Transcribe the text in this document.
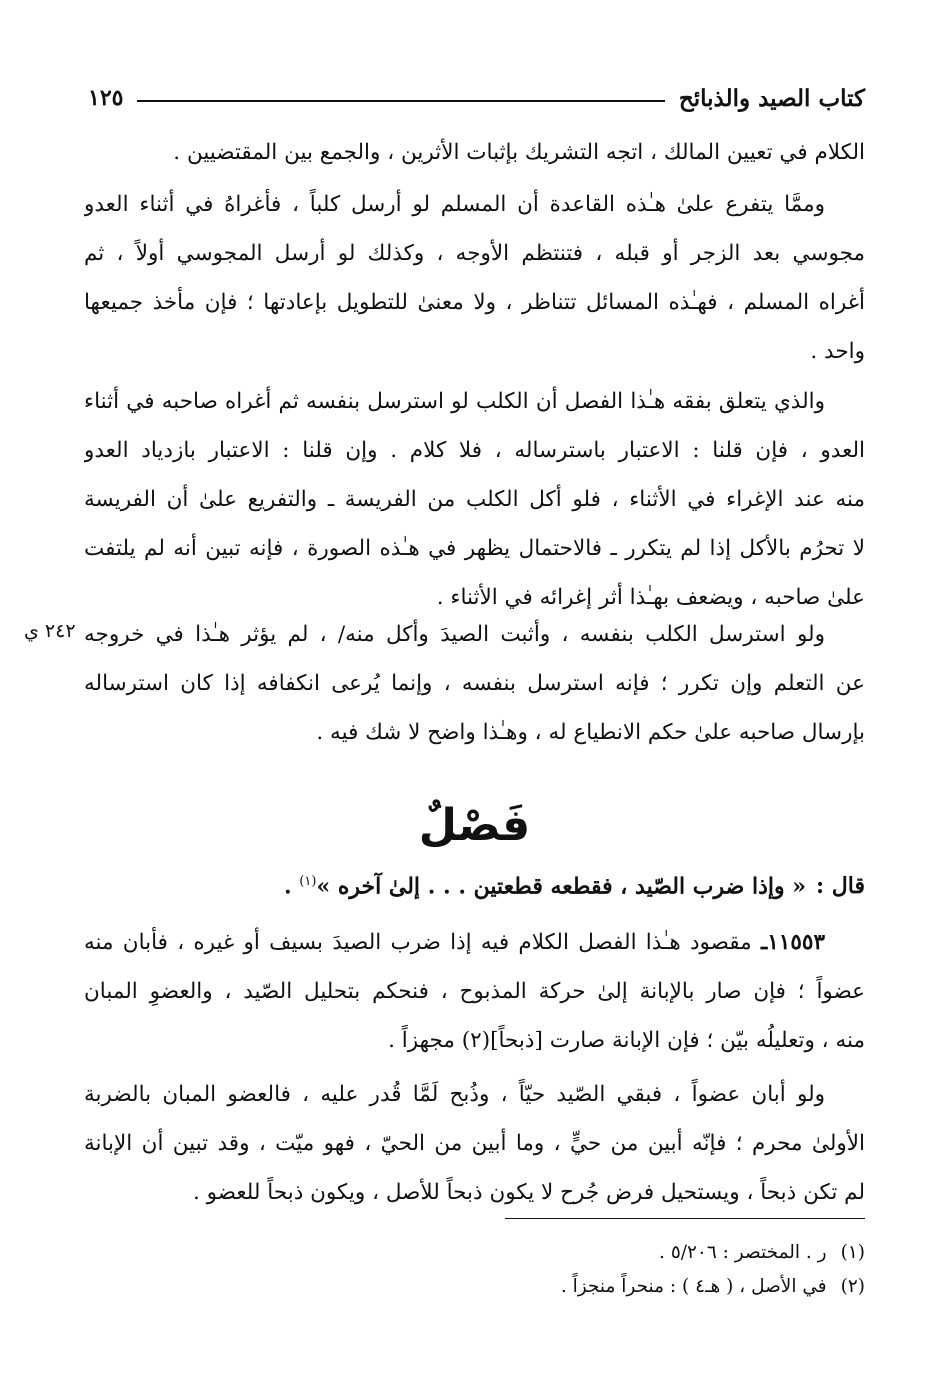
كتاب الصيد والذبائح
١٢٥
الكلام في تعيين المالك ، اتجه التشريك بإثبات الأثرين ، والجمع بين المقتضيين .
وممَّا يتفرع علىٰ هـٰذه القاعدة أن المسلم لو أرسل كلباً ، فأغراهُ في أثناء العدو
مجوسي بعد الزجر أو قبله ، فتنتظم الأوجه ، وكذلك لو أرسل المجوسي أولاً ، ثم
أغراه المسلم ، فهـٰذه المسائل تتناظر ، ولا معنىٰ للتطويل بإعادتها ؛ فإن مأخذ جميعها
واحد .
والذي يتعلق بفقه هـٰذا الفصل أن الكلب لو استرسل بنفسه ثم أغراه صاحبه في أثناء
العدو ، فإن قلنا : الاعتبار باسترساله ، فلا كلام . وإن قلنا : الاعتبار بازدياد العدو
منه عند الإغراء في الأثناء ، فلو أكل الكلب من الفريسة ـ والتفريع علىٰ أن الفريسة
لا تحرُم بالأكل إذا لم يتكرر ـ فالاحتمال يظهر في هـٰذه الصورة ، فإنه تبين أنه لم يلتفت
علىٰ صاحبه ، ويضعف بهـٰذا أثر إغرائه في الأثناء .
٢٤٢ ي ولو استرسل الكلب بنفسه ، وأثبت الصيدَ وأكل منه/ ، لم يؤثر هـٰذا في خروجه
عن التعلم وإن تكرر ؛ فإنه استرسل بنفسه ، وإنما يُرعى انكفافه إذا كان استرساله
بإرسال صاحبه علىٰ حكم الانطياع له ، وهـٰذا واضح لا شك فيه .
فَصْلٌ
قال :« وإذا ضرب الصّيد ، فقطعه قطعتين . . . إلىٰ آخره »$^{(١)}$ .
١١٥٥٣ـ مقصود هـٰذا الفصل الكلام فيه إذا ضرب الصيدَ بسيف أو غيره ، فأبان منه
عضواً ؛ فإن صار بالإبانة إلىٰ حركة المذبوح ، فنحكم بتحليل الصّيد ، والعضوِ المبان
منه ، وتعليلُه بيّن ؛ فإن الإبانة صارت [ذبحاً](٢) مجهزاً .
ولو أبان عضواً ، فبقي الصّيد حيّاً ، وذُبح لَمَّا قُدر عليه ، فالعضو المبان بالضربة
الأولىٰ محرم ؛ فإنّه أبين من حيٍّ ، وما أبين من الحيّ ، فهو ميّت ، وقد تبين أن الإبانة
لم تكن ذبحاً ، ويستحيل فرض جُرح لا يكون ذبحاً للأصل ، ويكون ذبحاً للعضو .
(١)ر . المختصر : ٥/٢٠٦ .
(٢)في الأصل ، ( هـ٤ ) : منحراً منجزاً .
